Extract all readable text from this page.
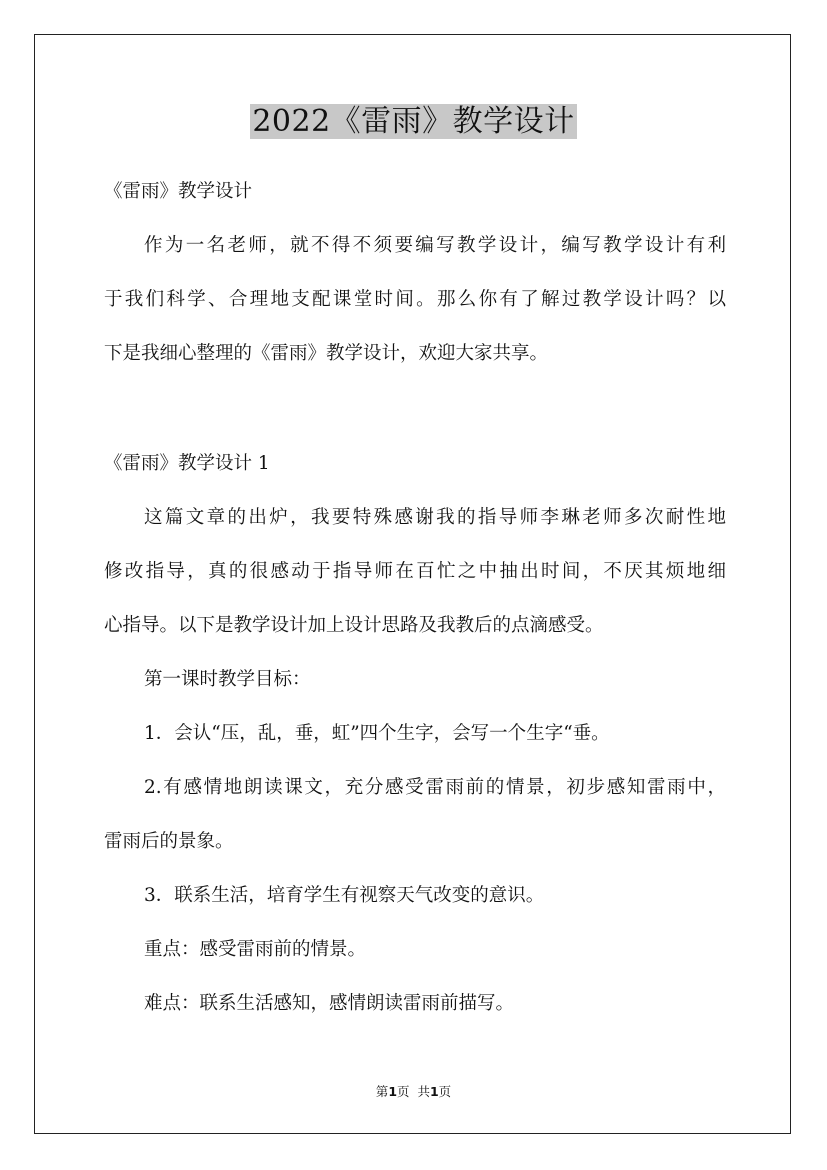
2022《雷雨》教学设计
《雷雨》教学设计
作为一名老师，就不得不须要编写教学设计，编写教学设计有利
于我们科学、合理地支配课堂时间。那么你有了解过教学设计吗？以
下是我细心整理的《雷雨》教学设计，欢迎大家共享。
《雷雨》教学设计 1
这篇文章的出炉，我要特殊感谢我的指导师李琳老师多次耐性地
修改指导，真的很感动于指导师在百忙之中抽出时间，不厌其烦地细
心指导。以下是教学设计加上设计思路及我教后的点滴感受。
第一课时教学目标：
1．会认“压，乱，垂，虹”四个生字，会写一个生字“垂。
2.有感情地朗读课文，充分感受雷雨前的情景，初步感知雷雨中，
雷雨后的景象。
3．联系生活，培育学生有视察天气改变的意识。
重点：感受雷雨前的情景。
难点：联系生活感知，感情朗读雷雨前描写。
第1页  共1页
